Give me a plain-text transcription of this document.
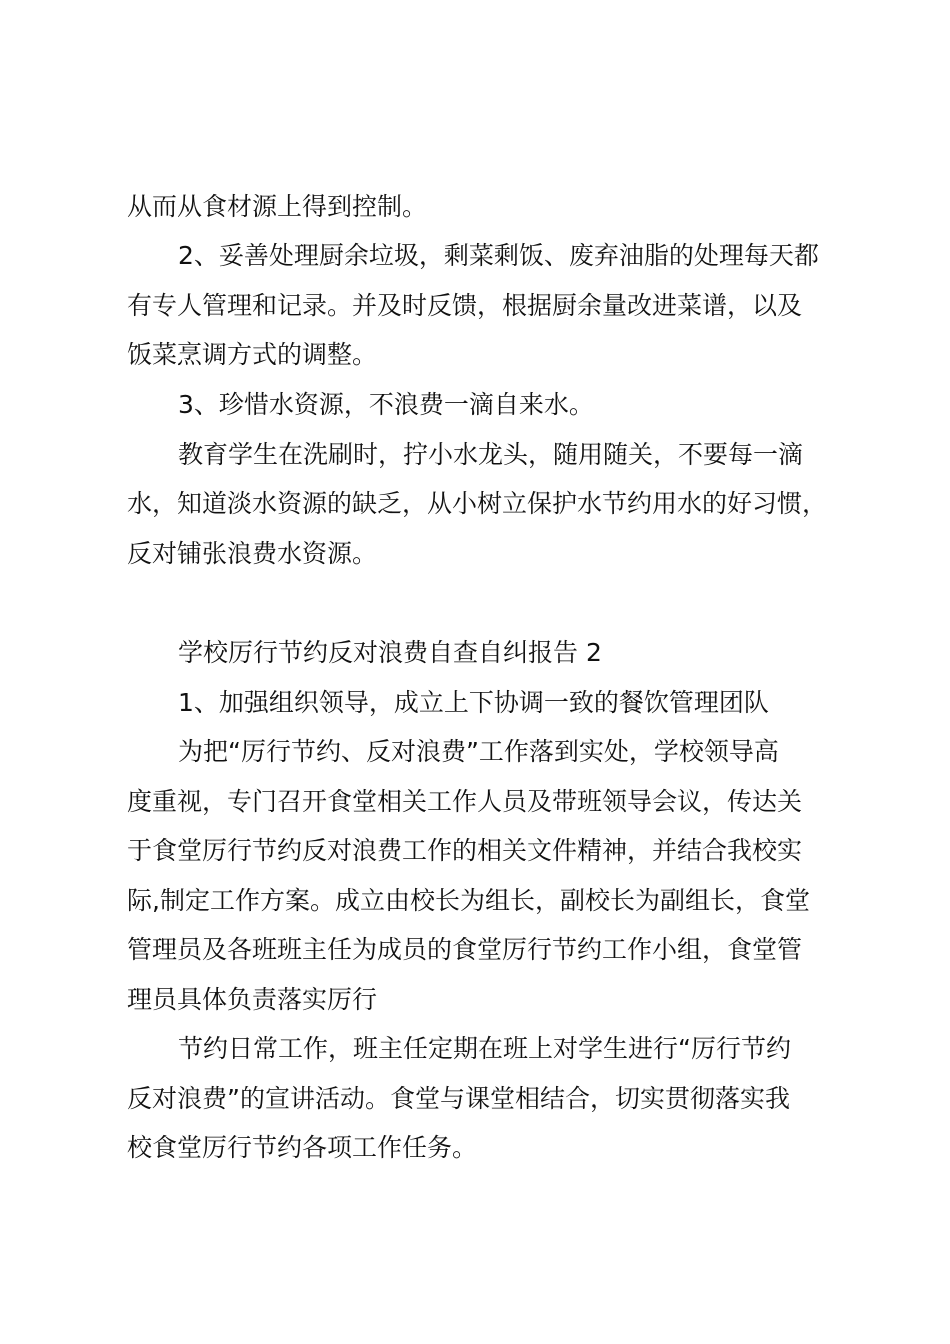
从而从食材源上得到控制。
2、妥善处理厨余垃圾，剩菜剩饭、废弃油脂的处理每天都
有专人管理和记录。并及时反馈，根据厨余量改进菜谱，以及
饭菜烹调方式的调整。
3、珍惜水资源，不浪费一滴自来水。
教育学生在洗刷时，拧小水龙头，随用随关，不要每一滴
水，知道淡水资源的缺乏，从小树立保护水节约用水的好习惯，
反对铺张浪费水资源。
学校厉行节约反对浪费自查自纠报告 2
1、加强组织领导，成立上下协调一致的餐饮管理团队
为把“厉行节约、反对浪费”工作落到实处，学校领导高
度重视，专门召开食堂相关工作人员及带班领导会议，传达关
于食堂厉行节约反对浪费工作的相关文件精神，并结合我校实
际,制定工作方案。成立由校长为组长，副校长为副组长，食堂
管理员及各班班主任为成员的食堂厉行节约工作小组，食堂管
理员具体负责落实厉行
节约日常工作，班主任定期在班上对学生进行“厉行节约
反对浪费”的宣讲活动。食堂与课堂相结合，切实贯彻落实我
校食堂厉行节约各项工作任务。
